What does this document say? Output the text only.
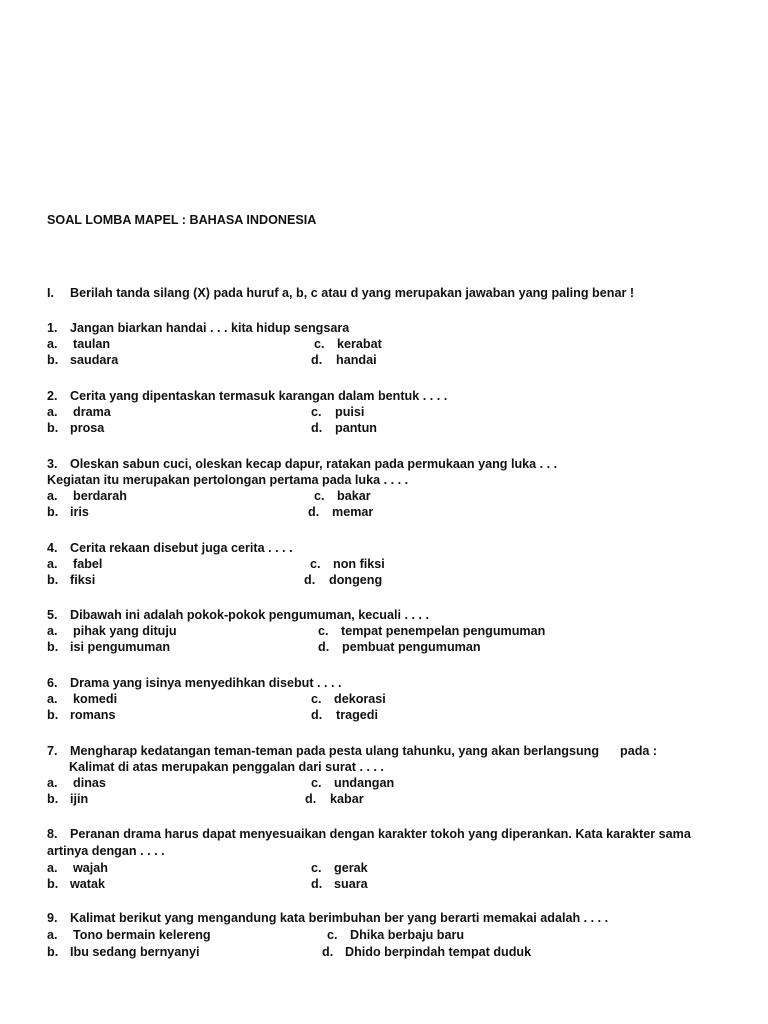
SOAL LOMBA MAPEL : BAHASA INDONESIA
I. Berilah tanda silang (X) pada huruf a, b, c atau d yang merupakan jawaban yang paling benar !
1. Jangan biarkan handai . . . kita hidup sengsara
a. taulan	c. kerabat
b. saudara	d. handai
2. Cerita yang dipentaskan termasuk karangan dalam bentuk . . . .
a. drama	c. puisi
b. prosa	d. pantun
3. Oleskan sabun cuci, oleskan kecap dapur, ratakan pada permukaan yang luka . . .
Kegiatan itu merupakan pertolongan pertama pada luka . . . .
a. berdarah	c. bakar
b. iris	d. memar
4. Cerita rekaan disebut juga cerita . . . .
a. fabel	c. non fiksi
b. fiksi	d. dongeng
5. Dibawah ini adalah pokok-pokok pengumuman, kecuali . . . .
a. pihak yang dituju	c. tempat penempelan pengumuman
b. isi pengumuman	d. pembuat pengumuman
6. Drama yang isinya menyedihkan disebut . . . .
a. komedi	c. dekorasi
b. romans	d. tragedi
7. Mengharap kedatangan teman-teman pada pesta ulang tahunku, yang akan berlangsung      pada :
Kalimat di atas merupakan penggalan dari surat . . . .
a. dinas	c. undangan
b. ijin	d. kabar
8. Peranan drama harus dapat menyesuaikan dengan karakter tokoh yang diperankan. Kata karakter sama
artinya dengan . . . .
a. wajah	c. gerak
b. watak	d. suara
9. Kalimat berikut yang mengandung kata berimbuhan ber yang berarti memakai adalah . . . .
a. Tono bermain kelereng	c. Dhika berbaju baru
b. Ibu sedang bernyanyi	d. Dhido berpindah tempat duduk
